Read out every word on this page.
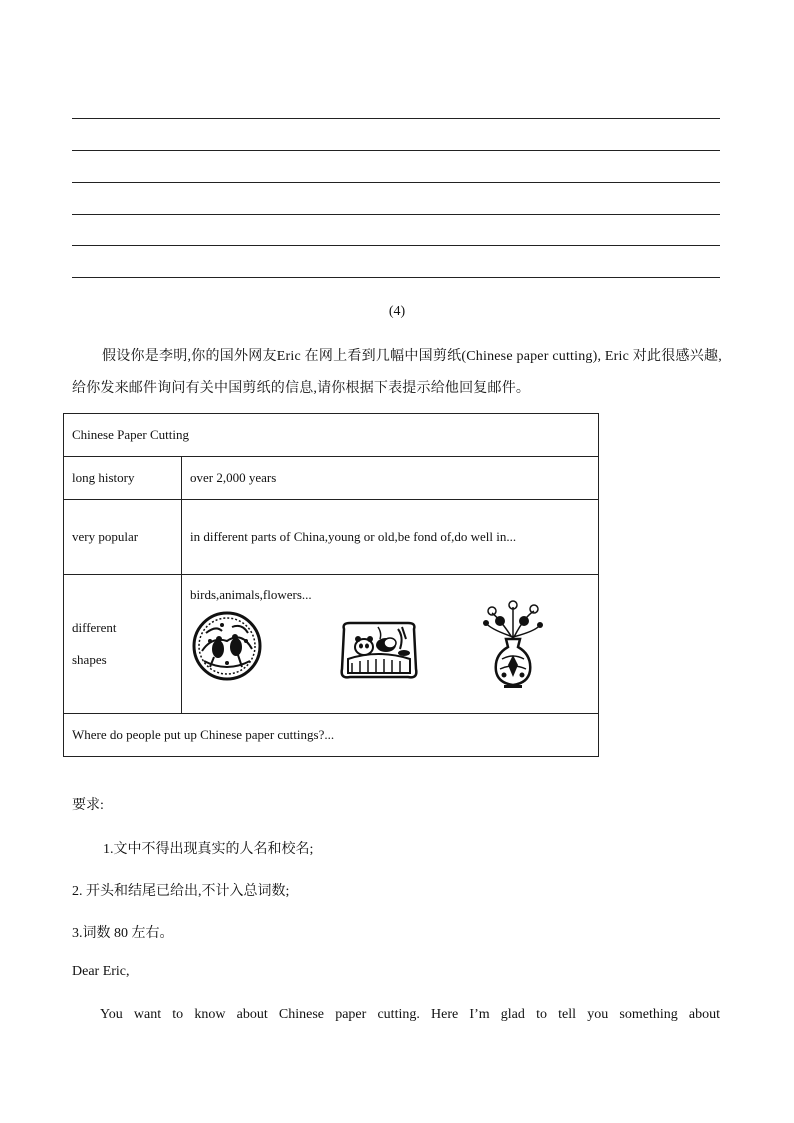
(4)
假设你是李明,你的国外网友Eric 在网上看到几幅中国剪纸(Chinese paper cutting), Eric 对此很感兴趣,给你发来邮件询问有关中国剪纸的信息,请你根据下表提示给他回复邮件。
Chinese Paper Cutting	
long history	over 2,000 years
very popular	in different parts of China,young or old,be fond of,do well in...

different shapes	birds,animals,flowers...

Where do people put up Chinese paper cuttings?...	
要求:
1.文中不得出现真实的人名和校名;
2. 开头和结尾已给出,不计入总词数;
3.词数 80 左右。
Dear Eric,
You want to know about Chinese paper cutting. Here I’m glad to tell you something about
